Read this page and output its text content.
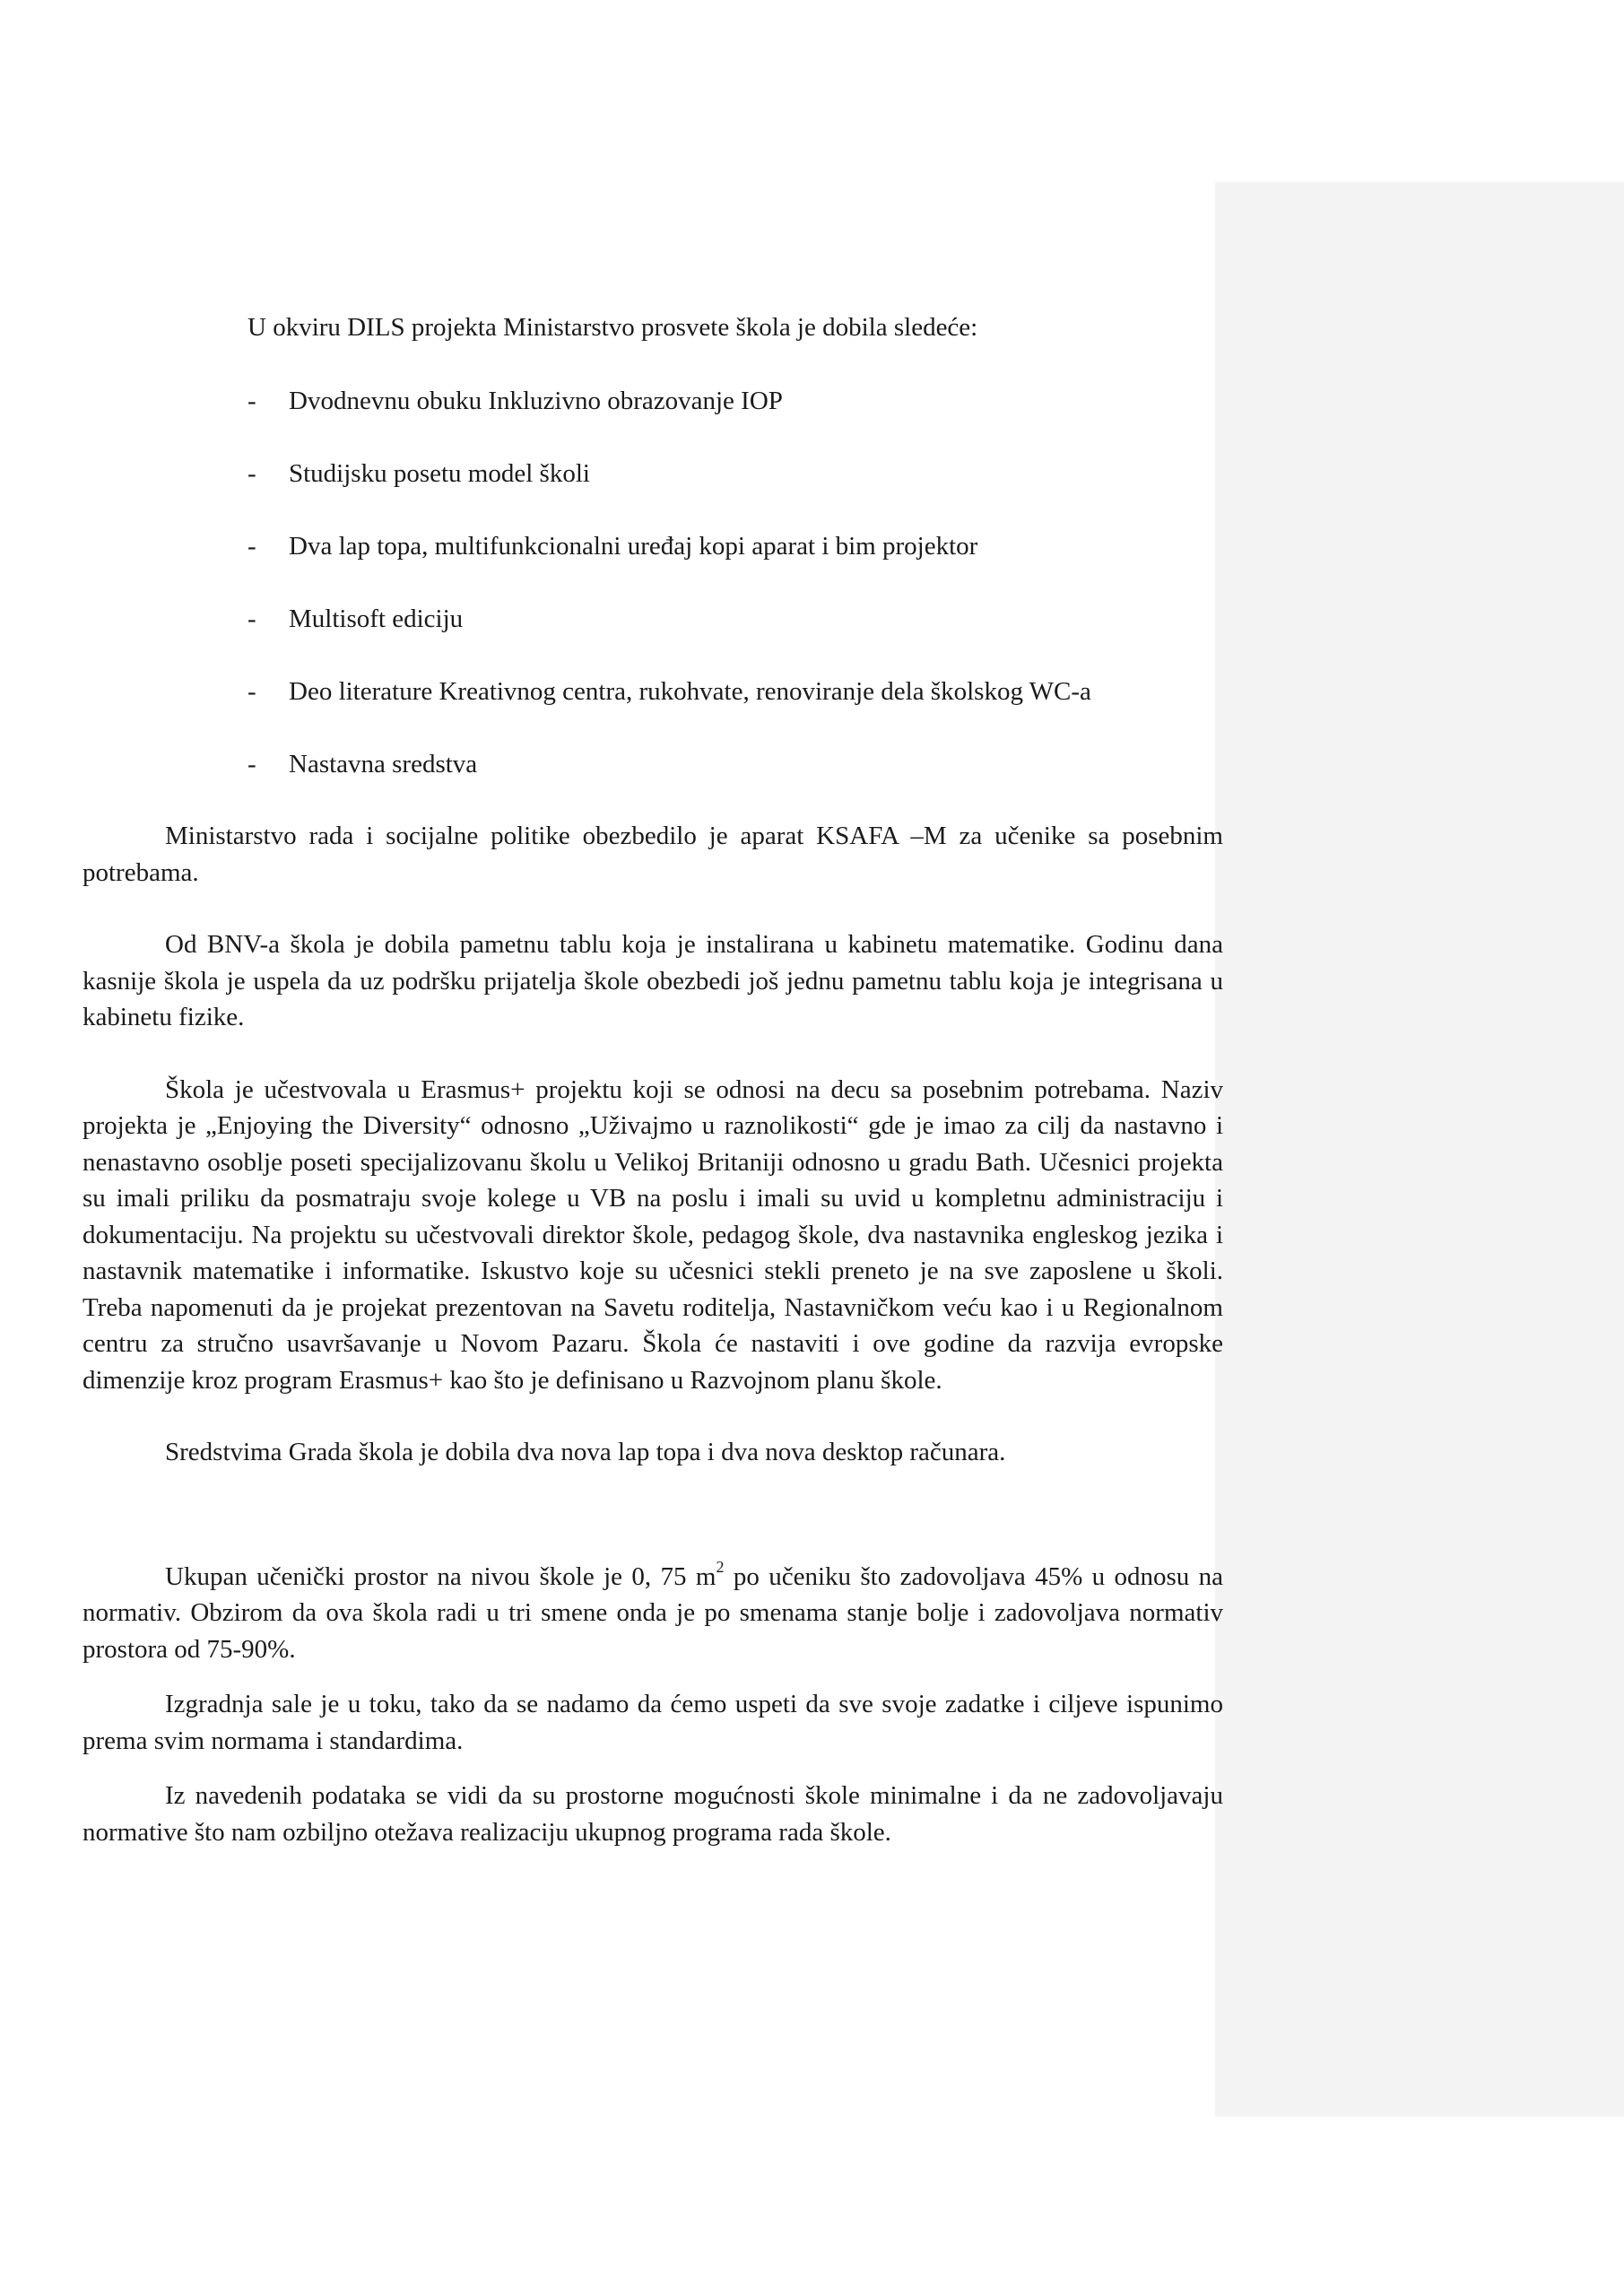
U okviru DILS projekta Ministarstvo prosvete škola je dobila sledeće:
-	Dvodnevnu obuku Inkluzivno obrazovanje IOP
-	Studijsku posetu model školi
-	Dva lap topa, multifunkcionalni uređaj kopi aparat i bim projektor
-	Multisoft ediciju
-	Deo literature Kreativnog centra, rukohvate, renoviranje dela školskog WC-a
-	Nastavna sredstva

Ministarstvo rada i socijalne politike obezbedilo je aparat KSAFA –M za učenike sa posebnim potrebama.

Od BNV-a škola je dobila pametnu tablu koja je instalirana u kabinetu matematike. Godinu dana kasnije škola je uspela da uz podršku prijatelja škole obezbedi još jednu pametnu tablu koja je integrisana u kabinetu fizike.

Škola je učestvovala u Erasmus+ projektu koji se odnosi na decu sa posebnim potrebama. Naziv projekta je „Enjoying the Diversity“ odnosno „Uživajmo u raznolikosti“ gde je imao za cilj da nastavno i nenastavno osoblje poseti specijalizovanu školu u Velikoj Britaniji odnosno u gradu Bath. Učesnici projekta su imali priliku da posmatraju svoje kolege u VB na poslu i imali su uvid u kompletnu administraciju i dokumentaciju. Na projektu su učestvovali direktor škole, pedagog škole, dva nastavnika engleskog jezika i nastavnik matematike i informatike. Iskustvo koje su učesnici stekli preneto je na sve zaposlene u školi. Treba napomenuti da je projekat prezentovan na Savetu roditelja, Nastavničkom veću kao i u Regionalnom centru za stručno usavršavanje u Novom Pazaru. Škola će nastaviti i ove godine da razvija evropske dimenzije kroz program Erasmus+ kao što je definisano u Razvojnom planu škole.

Sredstvima Grada škola je dobila dva nova lap topa i dva nova desktop računara.

Ukupan učenički prostor na nivou škole je 0, 75 $m^2$ po učeniku što zadovoljava 45% u odnosu na normativ. Obzirom da ova škola radi u tri smene onda je po smenama stanje bolje i zadovoljava normativ prostora od 75-90%.

Izgradnja sale je u toku, tako da se nadamo da ćemo uspeti da sve svoje zadatke i ciljeve ispunimo prema svim normama i standardima.

Iz navedenih podataka se vidi da su prostorne mogućnosti škole minimalne i da ne zadovoljavaju normative što nam ozbiljno otežava realizaciju ukupnog programa rada škole.
